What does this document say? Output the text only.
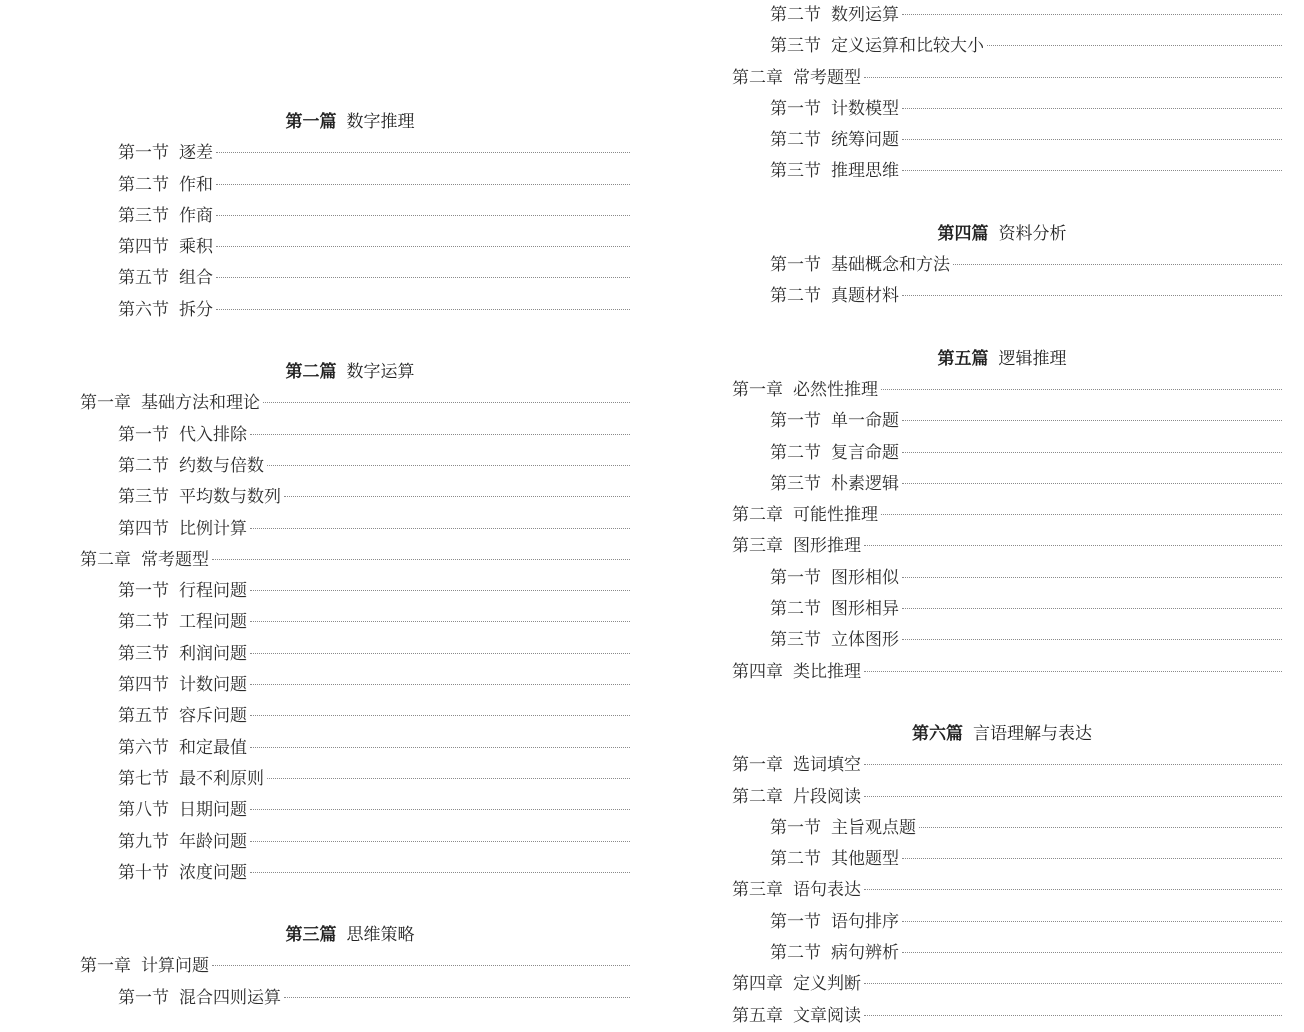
第一篇 数字推理
第一节 逐差
第二节 作和
第三节 作商
第四节 乘积
第五节 组合
第六节 拆分
第二篇 数字运算
第一章 基础方法和理论
第一节 代入排除
第二节 约数与倍数
第三节 平均数与数列
第四节 比例计算
第二章 常考题型
第一节 行程问题
第二节 工程问题
第三节 利润问题
第四节 计数问题
第五节 容斥问题
第六节 和定最值
第七节 最不利原则
第八节 日期问题
第九节 年龄问题
第十节 浓度问题
第三篇 思维策略
第一章 计算问题
第一节 混合四则运算
第二节 数列运算
第三节 定义运算和比较大小
第二章 常考题型
第一节 计数模型
第二节 统筹问题
第三节 推理思维
第四篇 资料分析
第一节 基础概念和方法
第二节 真题材料
第五篇 逻辑推理
第一章 必然性推理
第一节 单一命题
第二节 复言命题
第三节 朴素逻辑
第二章 可能性推理
第三章 图形推理
第一节 图形相似
第二节 图形相异
第三节 立体图形
第四章 类比推理
第六篇 言语理解与表达
第一章 选词填空
第二章 片段阅读
第一节 主旨观点题
第二节 其他题型
第三章 语句表达
第一节 语句排序
第二节 病句辨析
第四章 定义判断
第五章 文章阅读
